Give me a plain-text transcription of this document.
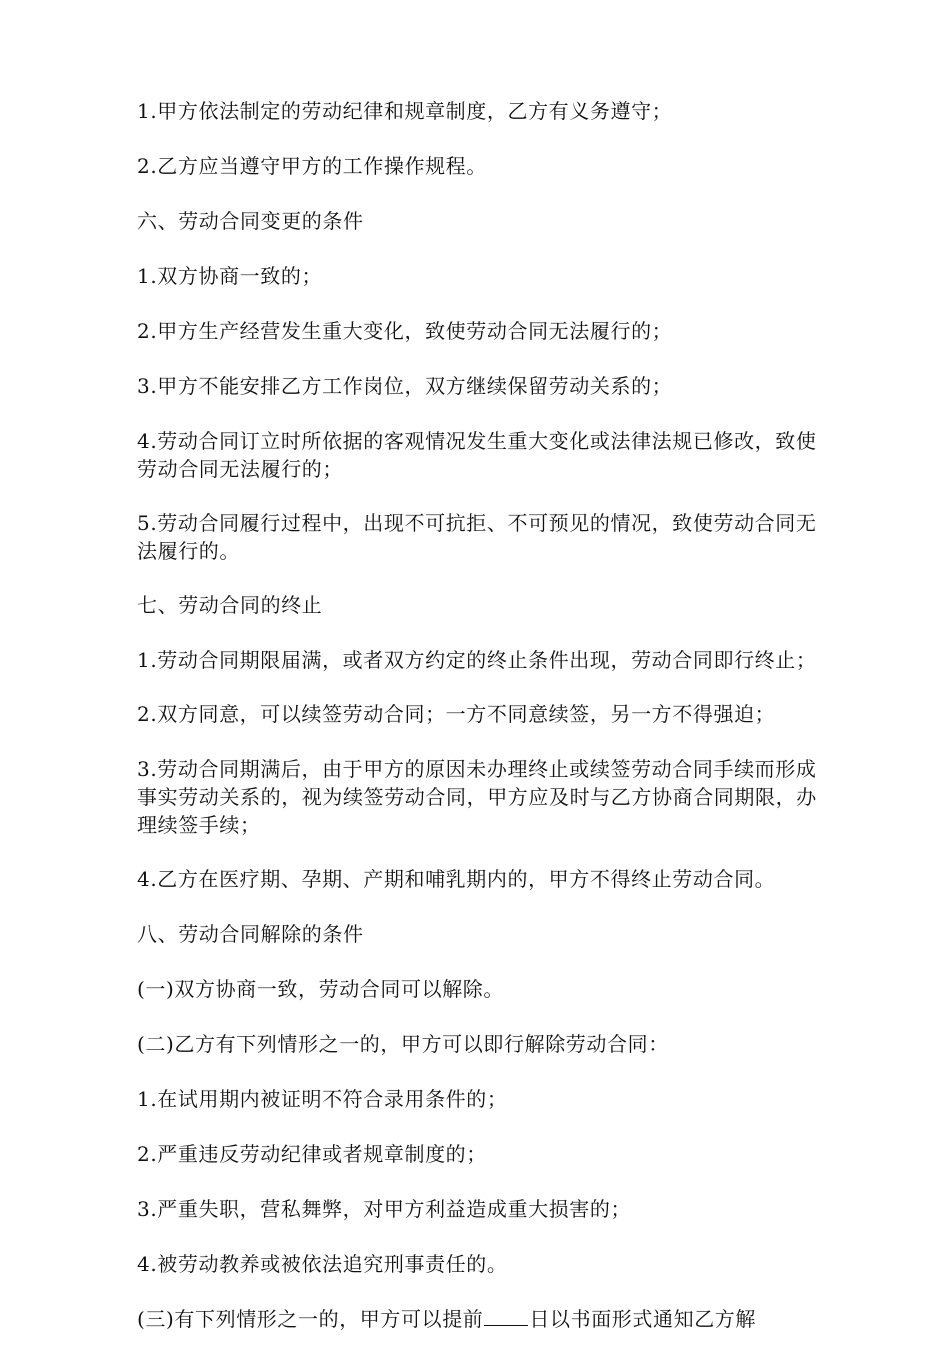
1.甲方依法制定的劳动纪律和规章制度，乙方有义务遵守；

2.乙方应当遵守甲方的工作操作规程。

六、劳动合同变更的条件

1.双方协商一致的；

2.甲方生产经营发生重大变化，致使劳动合同无法履行的；

3.甲方不能安排乙方工作岗位，双方继续保留劳动关系的；

4.劳动合同订立时所依据的客观情况发生重大变化或法律法规已修改，致使劳动合同无法履行的；

5.劳动合同履行过程中，出现不可抗拒、不可预见的情况，致使劳动合同无法履行的。

七、劳动合同的终止

1.劳动合同期限届满，或者双方约定的终止条件出现，劳动合同即行终止；

2.双方同意，可以续签劳动合同；一方不同意续签，另一方不得强迫；

3.劳动合同期满后，由于甲方的原因未办理终止或续签劳动合同手续而形成事实劳动关系的，视为续签劳动合同，甲方应及时与乙方协商合同期限，办理续签手续；

4.乙方在医疗期、孕期、产期和哺乳期内的，甲方不得终止劳动合同。

八、劳动合同解除的条件

(一)双方协商一致，劳动合同可以解除。

(二)乙方有下列情形之一的，甲方可以即行解除劳动合同：

1.在试用期内被证明不符合录用条件的；

2.严重违反劳动纪律或者规章制度的；

3.严重失职，营私舞弊，对甲方利益造成重大损害的；

4.被劳动教养或被依法追究刑事责任的。

(三)有下列情形之一的，甲方可以提前 日以书面形式通知乙方解
